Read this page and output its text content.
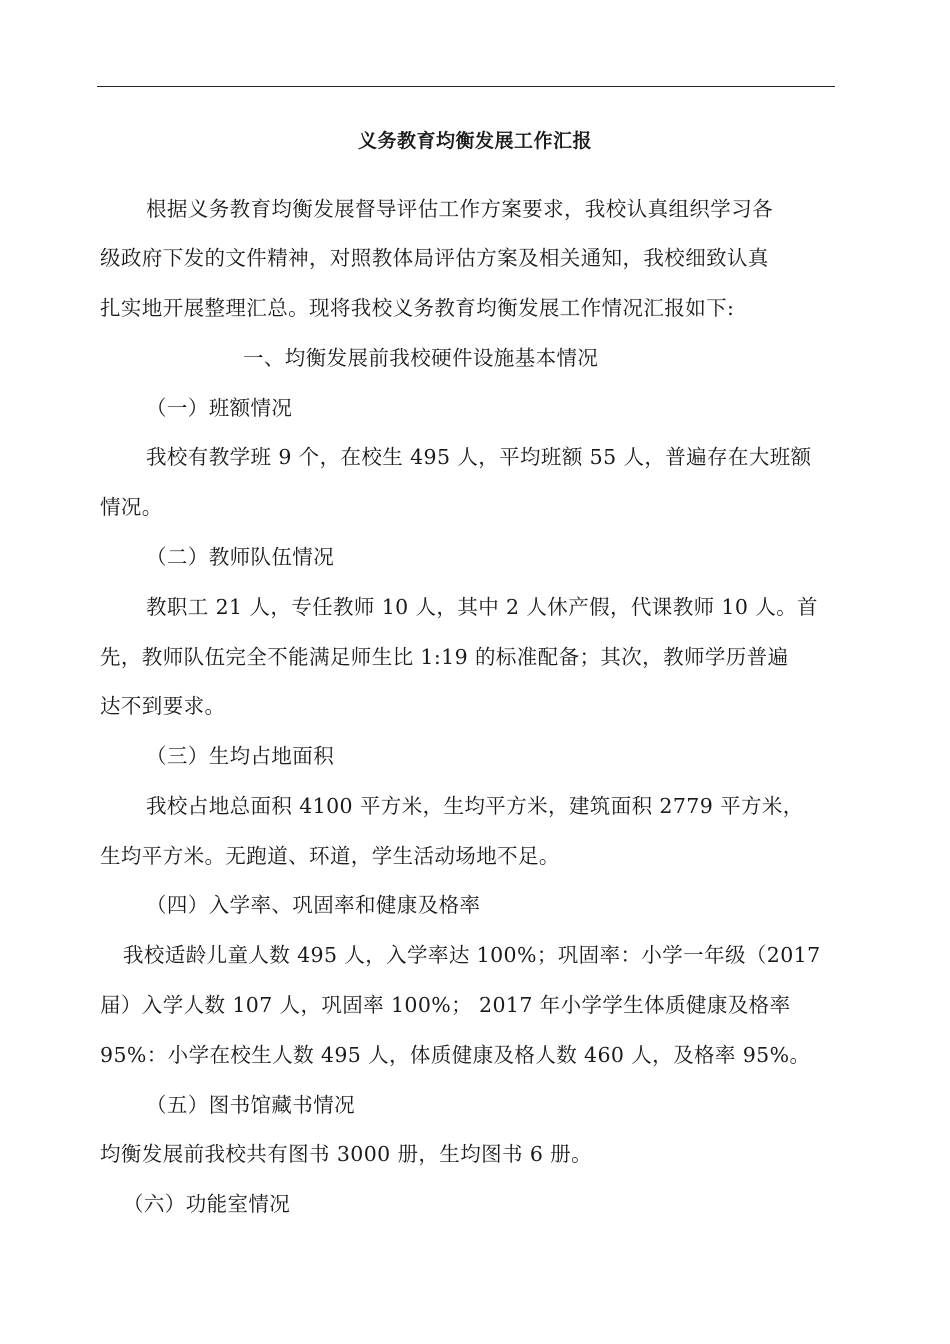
义务教育均衡发展工作汇报
根据义务教育均衡发展督导评估工作方案要求，我校认真组织学习各
级政府下发的文件精神，对照教体局评估方案及相关通知，我校细致认真
扎实地开展整理汇总。现将我校义务教育均衡发展工作情况汇报如下:
一、均衡发展前我校硬件设施基本情况
（一）班额情况
我校有教学班 9 个，在校生 495 人，平均班额 55 人，普遍存在大班额
情况。
（二）教师队伍情况
教职工 21 人，专任教师 10 人，其中 2 人休产假，代课教师 10 人。首
先，教师队伍完全不能满足师生比 1:19 的标准配备；其次，教师学历普遍
达不到要求。
（三）生均占地面积
我校占地总面积 4100 平方米，生均平方米，建筑面积 2779 平方米，
生均平方米。无跑道、环道，学生活动场地不足。
（四）入学率、巩固率和健康及格率
我校适龄儿童人数 495 人，入学率达 100%；巩固率：小学一年级（2017
届）入学人数 107 人，巩固率 100%； 2017 年小学学生体质健康及格率
95%：小学在校生人数 495 人，体质健康及格人数 460 人，及格率 95%。
（五）图书馆藏书情况
均衡发展前我校共有图书 3000 册，生均图书 6 册。
（六）功能室情况
